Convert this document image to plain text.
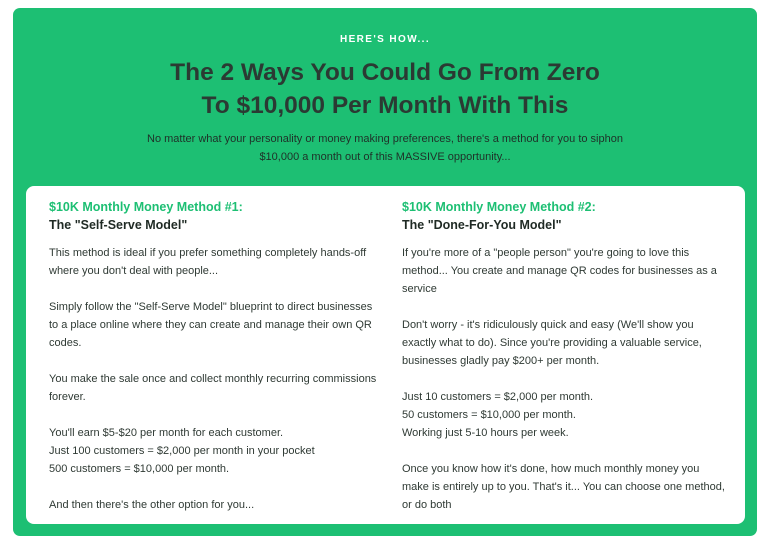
HERE'S HOW...
The 2 Ways You Could Go From Zero
To $10,000 Per Month With This
No matter what your personality or money making preferences, there's a method for you to siphon
$10,000 a month out of this MASSIVE opportunity...

$10K Monthly Money Method #1:

The "Self-Serve Model"

This method is ideal if you prefer something completely hands-off
where you don't deal with people...

Simply follow the "Self-Serve Model" blueprint to direct businesses
to a place online where they can create and manage their own QR
codes.

You make the sale once and collect monthly recurring commissions
forever.

You'll earn $5-$20 per month for each customer.
Just 100 customers = $2,000 per month in your pocket
500 customers = $10,000 per month.

And then there's the other option for you...

$10K Monthly Money Method #2:

The "Done-For-You Model"

If you're more of a "people person" you're going to love this
method... You create and manage QR codes for businesses as a
service

Don't worry - it's ridiculously quick and easy (We'll show you
exactly what to do). Since you're providing a valuable service,
businesses gladly pay $200+ per month.

Just 10 customers = $2,000 per month.
50 customers = $10,000 per month.
Working just 5-10 hours per week.

Once you know how it's done, how much monthly money you
make is entirely up to you. That's it... You can choose one method,
or do both
